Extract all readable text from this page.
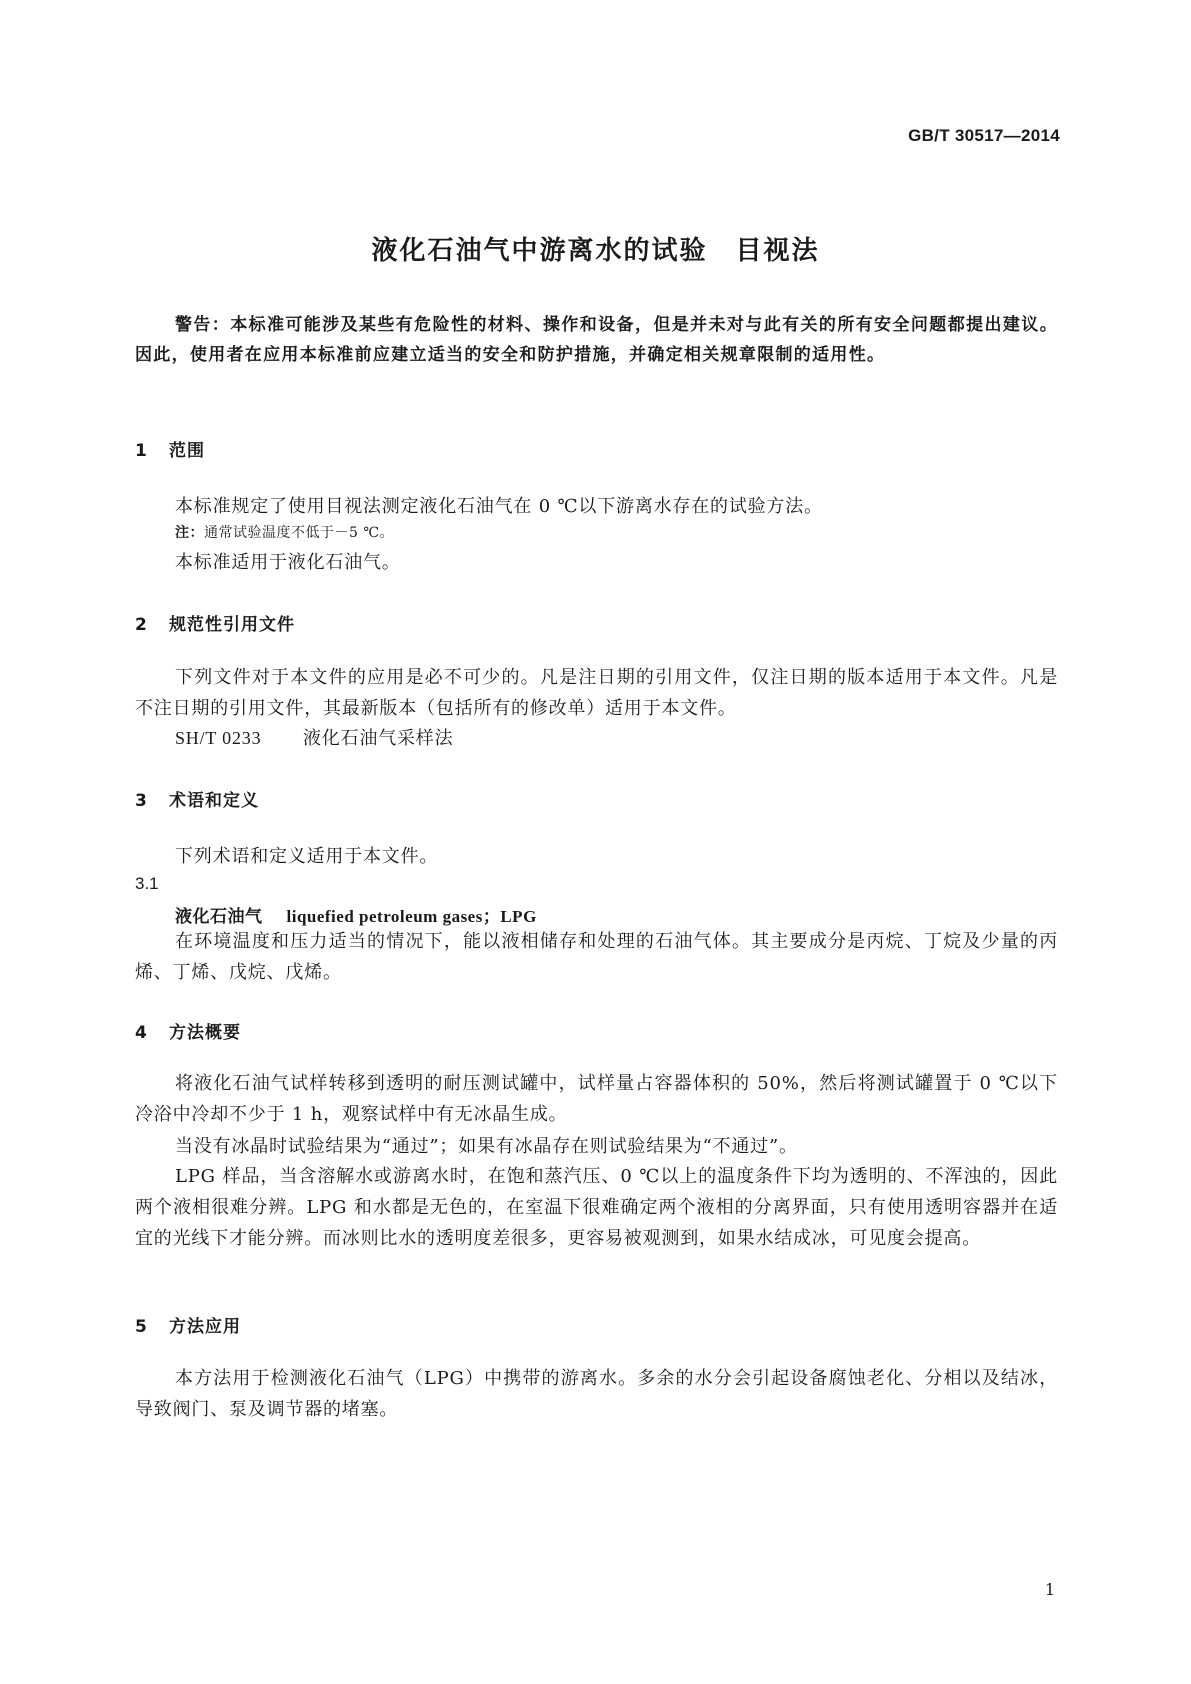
GB/T 30517—2014
液化石油气中游离水的试验　目视法
警告：本标准可能涉及某些有危险性的材料、操作和设备，但是并未对与此有关的所有安全问题都提出建议。因此，使用者在应用本标准前应建立适当的安全和防护措施，并确定相关规章限制的适用性。
1 范围
本标准规定了使用目视法测定液化石油气在 0 ℃以下游离水存在的试验方法。
注：通常试验温度不低于－5 ℃。
本标准适用于液化石油气。
2 规范性引用文件
下列文件对于本文件的应用是必不可少的。凡是注日期的引用文件，仅注日期的版本适用于本文件。凡是不注日期的引用文件，其最新版本（包括所有的修改单）适用于本文件。
SH/T 0233 液化石油气采样法
3 术语和定义
下列术语和定义适用于本文件。
3.1
液化石油气 liquefied petroleum gases；LPG
在环境温度和压力适当的情况下，能以液相储存和处理的石油气体。其主要成分是丙烷、丁烷及少量的丙烯、丁烯、戊烷、戊烯。
4 方法概要
将液化石油气试样转移到透明的耐压测试罐中，试样量占容器体积的 50%，然后将测试罐置于 0 ℃以下冷浴中冷却不少于 1 h，观察试样中有无冰晶生成。
当没有冰晶时试验结果为“通过”；如果有冰晶存在则试验结果为“不通过”。
LPG 样品，当含溶解水或游离水时，在饱和蒸汽压、0 ℃以上的温度条件下均为透明的、不浑浊的，因此两个液相很难分辨。LPG 和水都是无色的，在室温下很难确定两个液相的分离界面，只有使用透明容器并在适宜的光线下才能分辨。而冰则比水的透明度差很多，更容易被观测到，如果水结成冰，可见度会提高。
5 方法应用
本方法用于检测液化石油气（LPG）中携带的游离水。多余的水分会引起设备腐蚀老化、分相以及结冰，导致阀门、泵及调节器的堵塞。
1
